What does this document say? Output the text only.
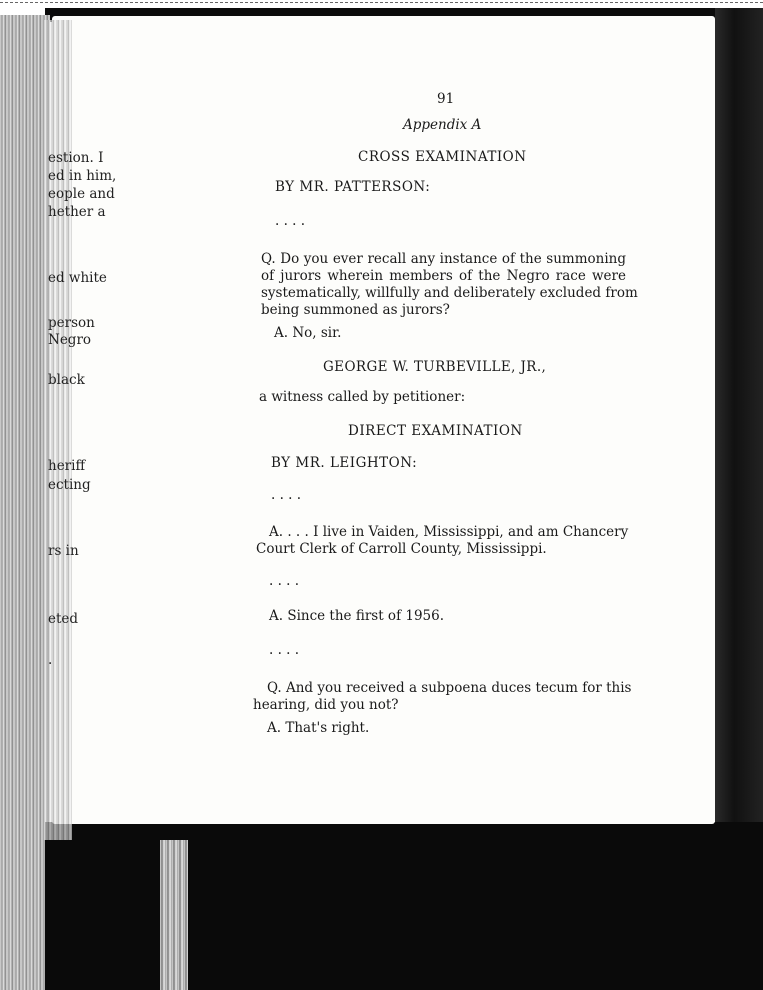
estion. I
ed in him,
eople and
hether a
ed white
person
Negro
black
heriff
ecting
rs in
eted
.
91
Appendix A
CROSS EXAMINATION
BY MR. PATTERSON:
. . . .
Q. Do you ever recall any instance of the summoning
of jurors wherein members of the Negro race were
systematically, willfully and deliberately excluded from
being summoned as jurors?
A. No, sir.
GEORGE W. TURBEVILLE, JR.,
a witness called by petitioner:
DIRECT EXAMINATION
BY MR. LEIGHTON:
. . . .
A. . . . I live in Vaiden, Mississippi, and am Chancery
Court Clerk of Carroll County, Mississippi.
. . . .
A. Since the first of 1956.
. . . .
Q. And you received a subpoena duces tecum for this
hearing, did you not?
A. That's right.
